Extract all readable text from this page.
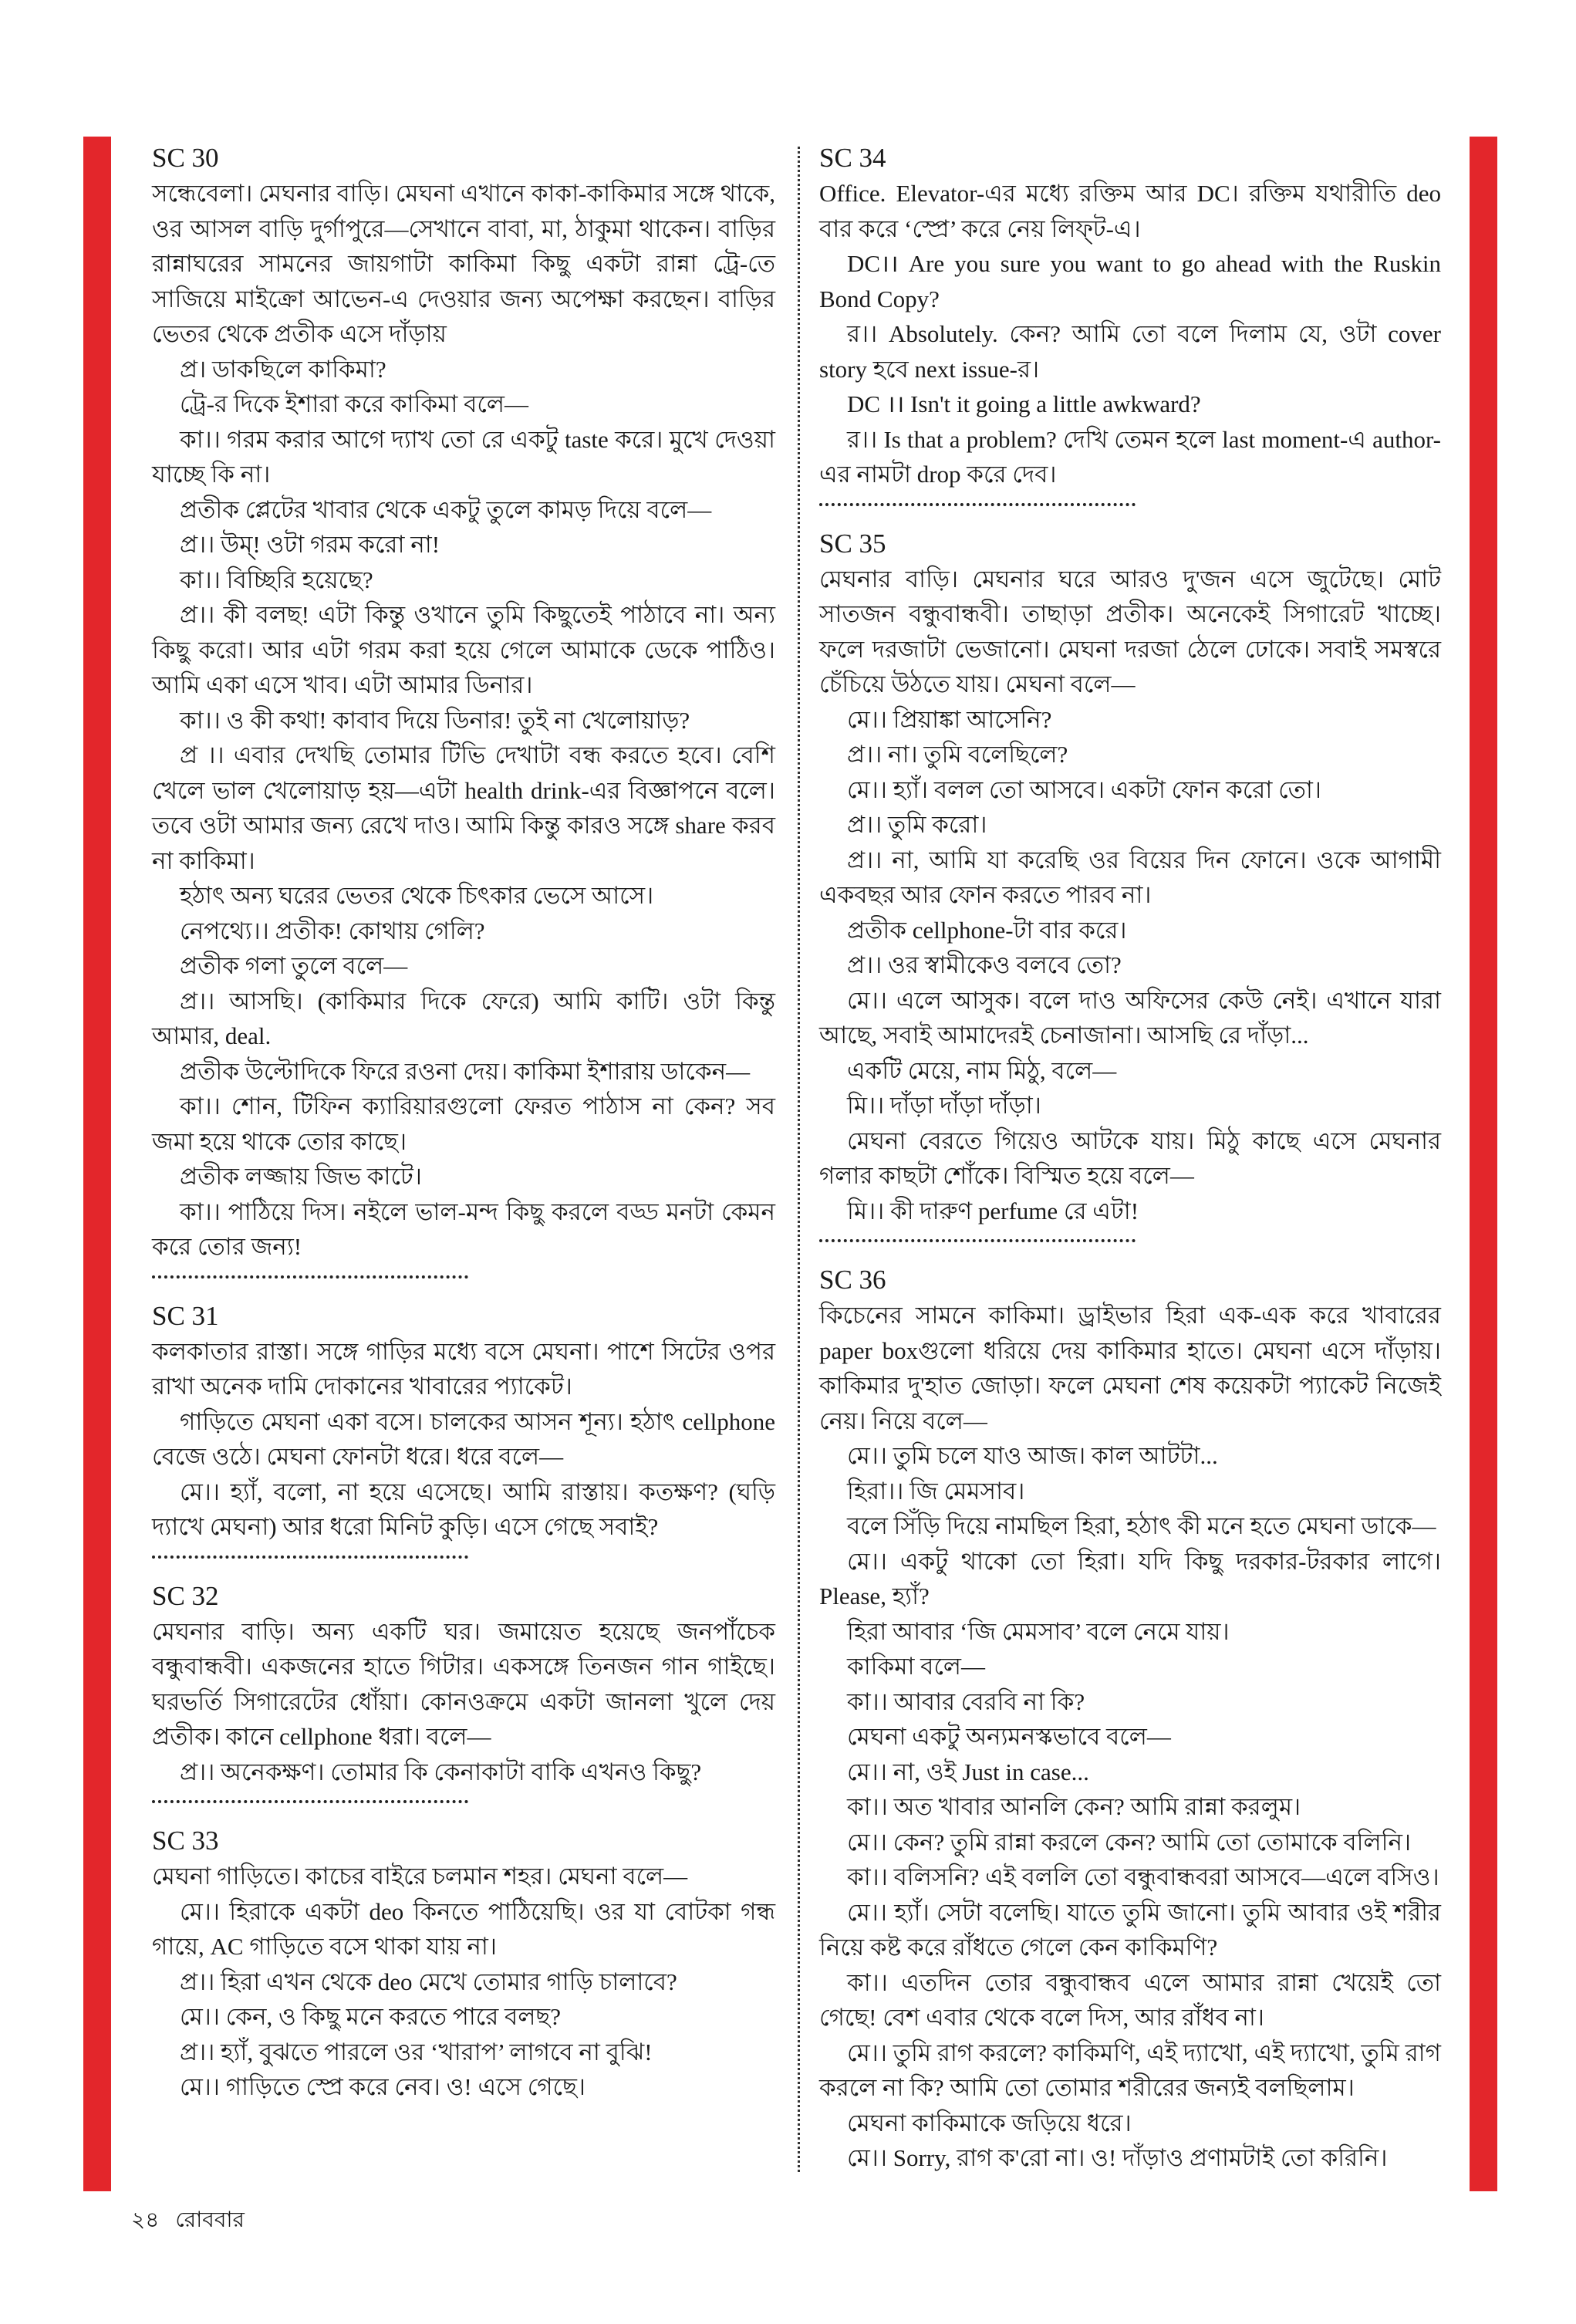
SC 30

সন্ধেবেলা। মেঘনার বাড়ি। মেঘনা এখানে কাকা-কাকিমার সঙ্গে থাকে, ওর আসল বাড়ি দুর্গাপুরে—সেখানে বাবা, মা, ঠাকুমা থাকেন। বাড়ির রান্নাঘরের সামনের জায়গাটা কাকিমা কিছু একটা রান্না ট্রে-তে সাজিয়ে মাইক্রো আভেন-এ দেওয়ার জন্য অপেক্ষা করছেন। বাড়ির ভেতর থেকে প্রতীক এসে দাঁড়ায়

প্র। ডাকছিলে কাকিমা?

ট্রে-র দিকে ইশারা করে কাকিমা বলে—

কা।। গরম করার আগে দ্যাখ তো রে একটু taste করে। মুখে দেওয়া যাচ্ছে কি না।

প্রতীক প্লেটের খাবার থেকে একটু তুলে কামড় দিয়ে বলে—

প্র।। উম্! ওটা গরম করো না!

কা।। বিচ্ছিরি হয়েছে?

প্র।। কী বলছ! এটা কিন্তু ওখানে তুমি কিছুতেই পাঠাবে না। অন্য কিছু করো। আর এটা গরম করা হয়ে গেলে আমাকে ডেকে পাঠিও। আমি একা এসে খাব। এটা আমার ডিনার।

কা।। ও কী কথা! কাবাব দিয়ে ডিনার! তুই না খেলোয়াড়?

প্র ।। এবার দেখছি তোমার টিভি দেখাটা বন্ধ করতে হবে। বেশি খেলে ভাল খেলোয়াড় হয়—এটা health drink-এর বিজ্ঞাপনে বলে। তবে ওটা আমার জন্য রেখে দাও। আমি কিন্তু কারও সঙ্গে share করব না কাকিমা।

হঠাৎ অন্য ঘরের ভেতর থেকে চিৎকার ভেসে আসে।

নেপথ্যে।। প্রতীক! কোথায় গেলি?

প্রতীক গলা তুলে বলে—

প্র।। আসছি। (কাকিমার দিকে ফেরে) আমি কাটি। ওটা কিন্তু আমার, deal.

প্রতীক উল্টোদিকে ফিরে রওনা দেয়। কাকিমা ইশারায় ডাকেন—

কা।। শোন, টিফিন ক্যারিয়ারগুলো ফেরত পাঠাস না কেন? সব জমা হয়ে থাকে তোর কাছে।

প্রতীক লজ্জায় জিভ কাটে।

কা।। পাঠিয়ে দিস। নইলে ভাল-মন্দ কিছু করলে বড্ড মনটা কেমন করে তোর জন্য!

SC 31

কলকাতার রাস্তা। সঙ্গে গাড়ির মধ্যে বসে মেঘনা। পাশে সিটের ওপর রাখা অনেক দামি দোকানের খাবারের প্যাকেট।

গাড়িতে মেঘনা একা বসে। চালকের আসন শূন্য। হঠাৎ cellphone বেজে ওঠে। মেঘনা ফোনটা ধরে। ধরে বলে—

মে।। হ্যাঁ, বলো, না হয়ে এসেছে। আমি রাস্তায়। কতক্ষণ? (ঘড়ি দ্যাখে মেঘনা) আর ধরো মিনিট কুড়ি। এসে গেছে সবাই?

SC 32

মেঘনার বাড়ি। অন্য একটি ঘর। জমায়েত হয়েছে জনপাঁচেক বন্ধুবান্ধবী। একজনের হাতে গিটার। একসঙ্গে তিনজন গান গাইছে। ঘরভর্তি সিগারেটের ধোঁয়া। কোনওক্রমে একটা জানলা খুলে দেয় প্রতীক। কানে cellphone ধরা। বলে—

প্র।। অনেকক্ষণ। তোমার কি কেনাকাটা বাকি এখনও কিছু?

SC 33

মেঘনা গাড়িতে। কাচের বাইরে চলমান শহর। মেঘনা বলে—

মে।। হিরাকে একটা deo কিনতে পাঠিয়েছি। ওর যা বোটকা গন্ধ গায়ে, AC গাড়িতে বসে থাকা যায় না।

প্র।। হিরা এখন থেকে deo মেখে তোমার গাড়ি চালাবে?

মে।। কেন, ও কিছু মনে করতে পারে বলছ?

প্র।। হ্যাঁ, বুঝতে পারলে ওর ‘খারাপ’ লাগবে না বুঝি!

মে।। গাড়িতে স্প্রে করে নেব। ও! এসে গেছে।

SC 34

Office. Elevator-এর মধ্যে রক্তিম আর DC। রক্তিম যথারীতি deo বার করে ‘স্প্রে’ করে নেয় লিফ্‌ট-এ।

DC।। Are you sure you want to go ahead with the Ruskin Bond Copy?

র।। Absolutely. কেন? আমি তো বলে দিলাম যে, ওটা cover story হবে next issue-র।

DC ।। Isn't it going a little awkward?

র।। Is that a problem? দেখি তেমন হলে last moment-এ author-এর নামটা drop করে দেব।

SC 35

মেঘনার বাড়ি। মেঘনার ঘরে আরও দু'জন এসে জুটেছে। মোট সাতজন বন্ধুবান্ধবী। তাছাড়া প্রতীক। অনেকেই সিগারেট খাচ্ছে। ফলে দরজাটা ভেজানো। মেঘনা দরজা ঠেলে ঢোকে। সবাই সমস্বরে চেঁচিয়ে উঠতে যায়। মেঘনা বলে—

মে।। প্রিয়াঙ্কা আসেনি?

প্র।। না। তুমি বলেছিলে?

মে।। হ্যাঁ। বলল তো আসবে। একটা ফোন করো তো।

প্র।। তুমি করো।

প্র।। না, আমি যা করেছি ওর বিয়ের দিন ফোনে। ওকে আগামী একবছর আর ফোন করতে পারব না।

প্রতীক cellphone-টা বার করে।

প্র।। ওর স্বামীকেও বলবে তো?

মে।। এলে আসুক। বলে দাও অফিসের কেউ নেই। এখানে যারা আছে, সবাই আমাদেরই চেনাজানা। আসছি রে দাঁড়া...

একটি মেয়ে, নাম মিঠু, বলে—

মি।। দাঁড়া দাঁড়া দাঁড়া।

মেঘনা বেরতে গিয়েও আটকে যায়। মিঠু কাছে এসে মেঘনার গলার কাছটা শোঁকে। বিস্মিত হয়ে বলে—

মি।। কী দারুণ perfume রে এটা!

SC 36

কিচেনের সামনে কাকিমা। ড্রাইভার হিরা এক-এক করে খাবারের paper boxগুলো ধরিয়ে দেয় কাকিমার হাতে। মেঘনা এসে দাঁড়ায়। কাকিমার দু'হাত জোড়া। ফলে মেঘনা শেষ কয়েকটা প্যাকেট নিজেই নেয়। নিয়ে বলে—

মে।। তুমি চলে যাও আজ। কাল আটটা...

হিরা।। জি মেমসাব।

বলে সিঁড়ি দিয়ে নামছিল হিরা, হঠাৎ কী মনে হতে মেঘনা ডাকে—

মে।। একটু থাকো তো হিরা। যদি কিছু দরকার-টরকার লাগে। Please, হ্যাঁ?

হিরা আবার ‘জি মেমসাব’ বলে নেমে যায়।

কাকিমা বলে—

কা।। আবার বেরবি না কি?

মেঘনা একটু অন্যমনস্কভাবে বলে—

মে।। না, ওই Just in case...

কা।। অত খাবার আনলি কেন? আমি রান্না করলুম।

মে।। কেন? তুমি রান্না করলে কেন? আমি তো তোমাকে বলিনি।

কা।। বলিসনি? এই বললি তো বন্ধুবান্ধবরা আসবে—এলে বসিও।

মে।। হ্যাঁ। সেটা বলেছি। যাতে তুমি জানো। তুমি আবার ওই শরীর নিয়ে কষ্ট করে রাঁধতে গেলে কেন কাকিমণি?

কা।। এতদিন তোর বন্ধুবান্ধব এলে আমার রান্না খেয়েই তো গেছে! বেশ এবার থেকে বলে দিস, আর রাঁধব না।

মে।। তুমি রাগ করলে? কাকিমণি, এই দ্যাখো, এই দ্যাখো, তুমি রাগ করলে না কি? আমি তো তোমার শরীরের জন্যই বলছিলাম।

মেঘনা কাকিমাকে জড়িয়ে ধরে।

মে।। Sorry, রাগ ক'রো না। ও! দাঁড়াও প্রণামটাই তো করিনি।

২৪ রোববার
